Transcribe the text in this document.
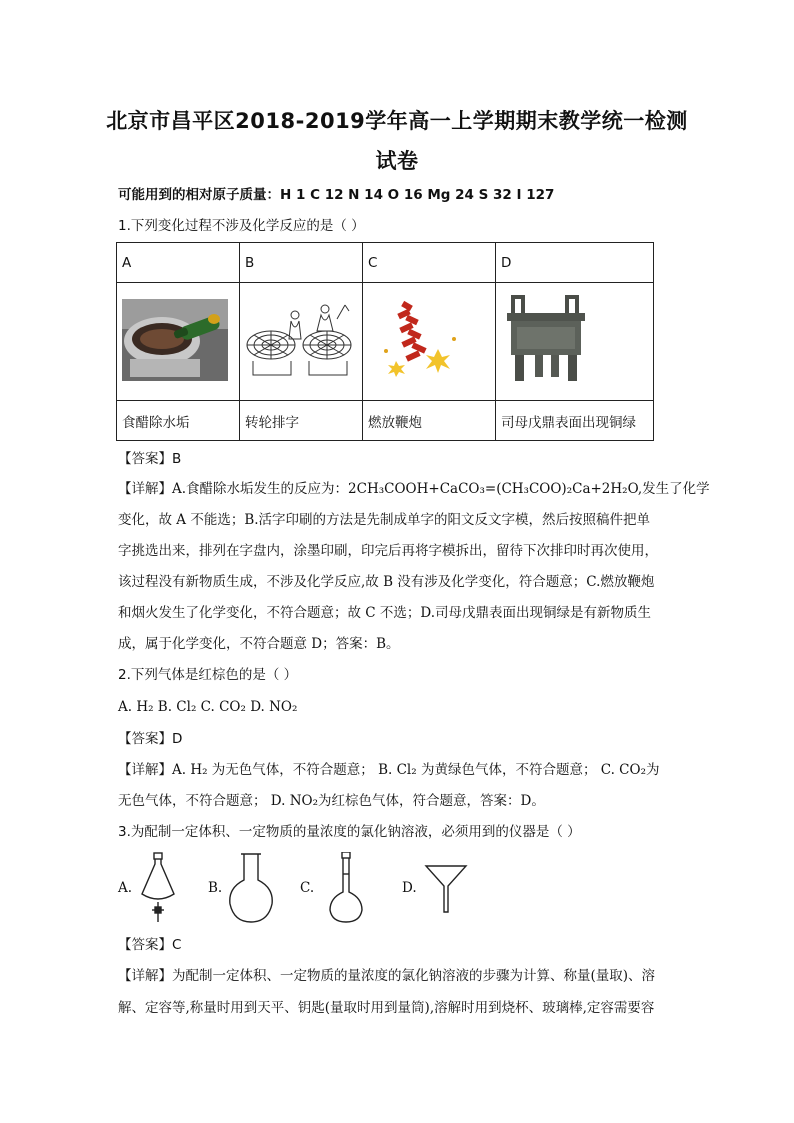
北京市昌平区2018-2019学年高一上学期期末教学统一检测
试卷
可能用到的相对原子质量：H 1 C 12 N 14 O 16 Mg 24 S 32 I 127
1.下列变化过程不涉及化学反应的是（ ）
A	B	C	D

食醋除水垢	转轮排字	燃放鞭炮	司母戊鼎表面出现铜绿
【答案】B
【详解】A.食醋除水垢发生的反应为：2CH₃COOH+CaCO₃=(CH₃COO)₂Ca+2H₂O,发生了化学
变化，故 A 不能选；B.活字印刷的方法是先制成单字的阳文反文字模，然后按照稿件把单
字挑选出来，排列在字盘内，涂墨印刷，印完后再将字模拆出，留待下次排印时再次使用，
该过程没有新物质生成，不涉及化学反应,故 B 没有涉及化学变化，符合题意；C.燃放鞭炮
和烟火发生了化学变化，不符合题意；故 C 不选；D.司母戊鼎表面出现铜绿是有新物质生
成，属于化学变化，不符合题意 D；答案：B。
2.下列气体是红棕色的是（ ）
A. H₂ B. Cl₂ C. CO₂ D. NO₂
【答案】D
【详解】A. H₂ 为无色气体，不符合题意； B. Cl₂ 为黄绿色气体，不符合题意； C. CO₂为
无色气体，不符合题意； D. NO₂为红棕色气体，符合题意，答案：D。
3.为配制一定体积、一定物质的量浓度的氯化钠溶液，必须用到的仪器是（ ）
A.	B.	C.	D.
【答案】C
【详解】为配制一定体积、一定物质的量浓度的氯化钠溶液的步骤为计算、称量(量取)、溶
解、定容等,称量时用到天平、钥匙(量取时用到量筒),溶解时用到烧杯、玻璃棒,定容需要容
